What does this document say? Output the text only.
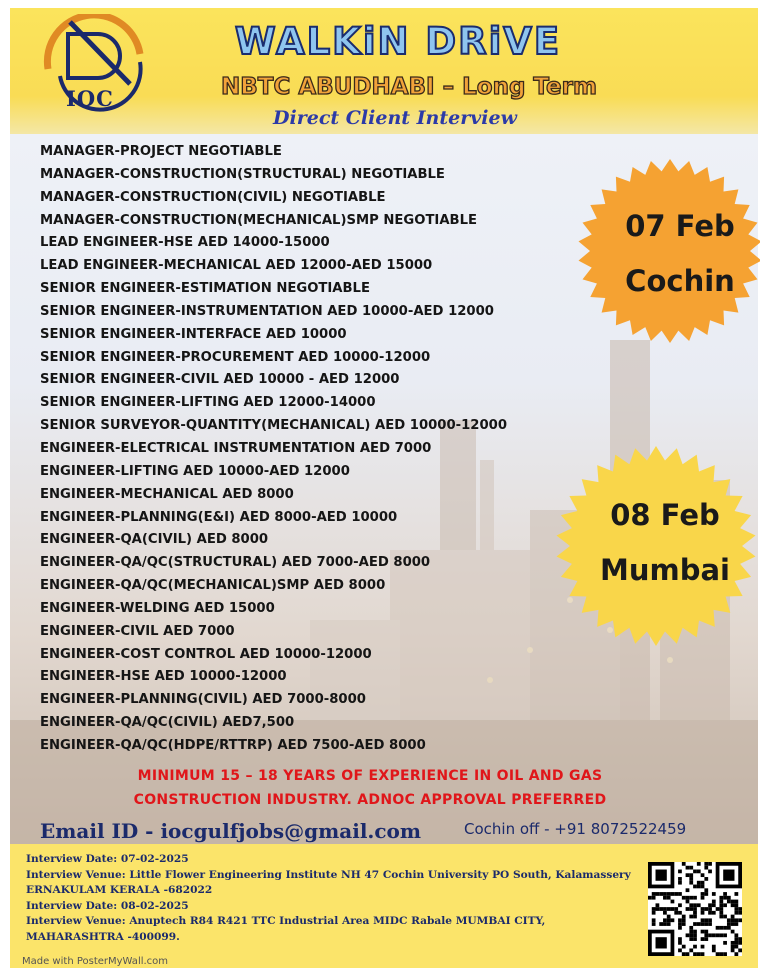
IOC
WALKiN DRiVE
NBTC ABUDHABI – Long Term
Direct Client Interview
MANAGER-PROJECT NEGOTIABLE
MANAGER-CONSTRUCTION(STRUCTURAL) NEGOTIABLE
MANAGER-CONSTRUCTION(CIVIL) NEGOTIABLE
MANAGER-CONSTRUCTION(MECHANICAL)SMP NEGOTIABLE
LEAD ENGINEER-HSE AED 14000-15000
LEAD ENGINEER-MECHANICAL AED 12000-AED 15000
SENIOR ENGINEER-ESTIMATION NEGOTIABLE
SENIOR ENGINEER-INSTRUMENTATION AED 10000-AED 12000
SENIOR ENGINEER-INTERFACE AED 10000
SENIOR ENGINEER-PROCUREMENT AED 10000-12000
SENIOR ENGINEER-CIVIL AED 10000 - AED 12000
SENIOR ENGINEER-LIFTING AED 12000-14000
SENIOR SURVEYOR-QUANTITY(MECHANICAL) AED 10000-12000
ENGINEER-ELECTRICAL INSTRUMENTATION AED 7000
ENGINEER-LIFTING AED 10000-AED 12000
ENGINEER-MECHANICAL AED 8000
ENGINEER-PLANNING(E&I) AED 8000-AED 10000
ENGINEER-QA(CIVIL) AED 8000
ENGINEER-QA/QC(STRUCTURAL) AED 7000-AED 8000
ENGINEER-QA/QC(MECHANICAL)SMP AED 8000
ENGINEER-WELDING AED 15000
ENGINEER-CIVIL AED 7000
ENGINEER-COST CONTROL AED 10000-12000
ENGINEER-HSE AED 10000-12000
ENGINEER-PLANNING(CIVIL) AED 7000-8000
ENGINEER-QA/QC(CIVIL) AED7,500
ENGINEER-QA/QC(HDPE/RTTRP) AED 7500-AED 8000
07 Feb
Cochin
08 Feb
Mumbai
MINIMUM 15 – 18 YEARS OF EXPERIENCE IN OIL AND GAS
CONSTRUCTION INDUSTRY. ADNOC APPROVAL PREFERRED
Email ID - iocgulfjobs@gmail.com	Cochin off - +91 8072522459
Interview Date: 07-02-2025
Interview Venue: Little Flower Engineering Institute NH 47 Cochin University PO South, Kalamassery ERNAKULAM KERALA -682022
Interview Date: 08-02-2025
Interview Venue: Anuptech R84 R421 TTC Industrial Area MIDC Rabale MUMBAI CITY, MAHARASHTRA -400099.
Made with PosterMyWall.com
